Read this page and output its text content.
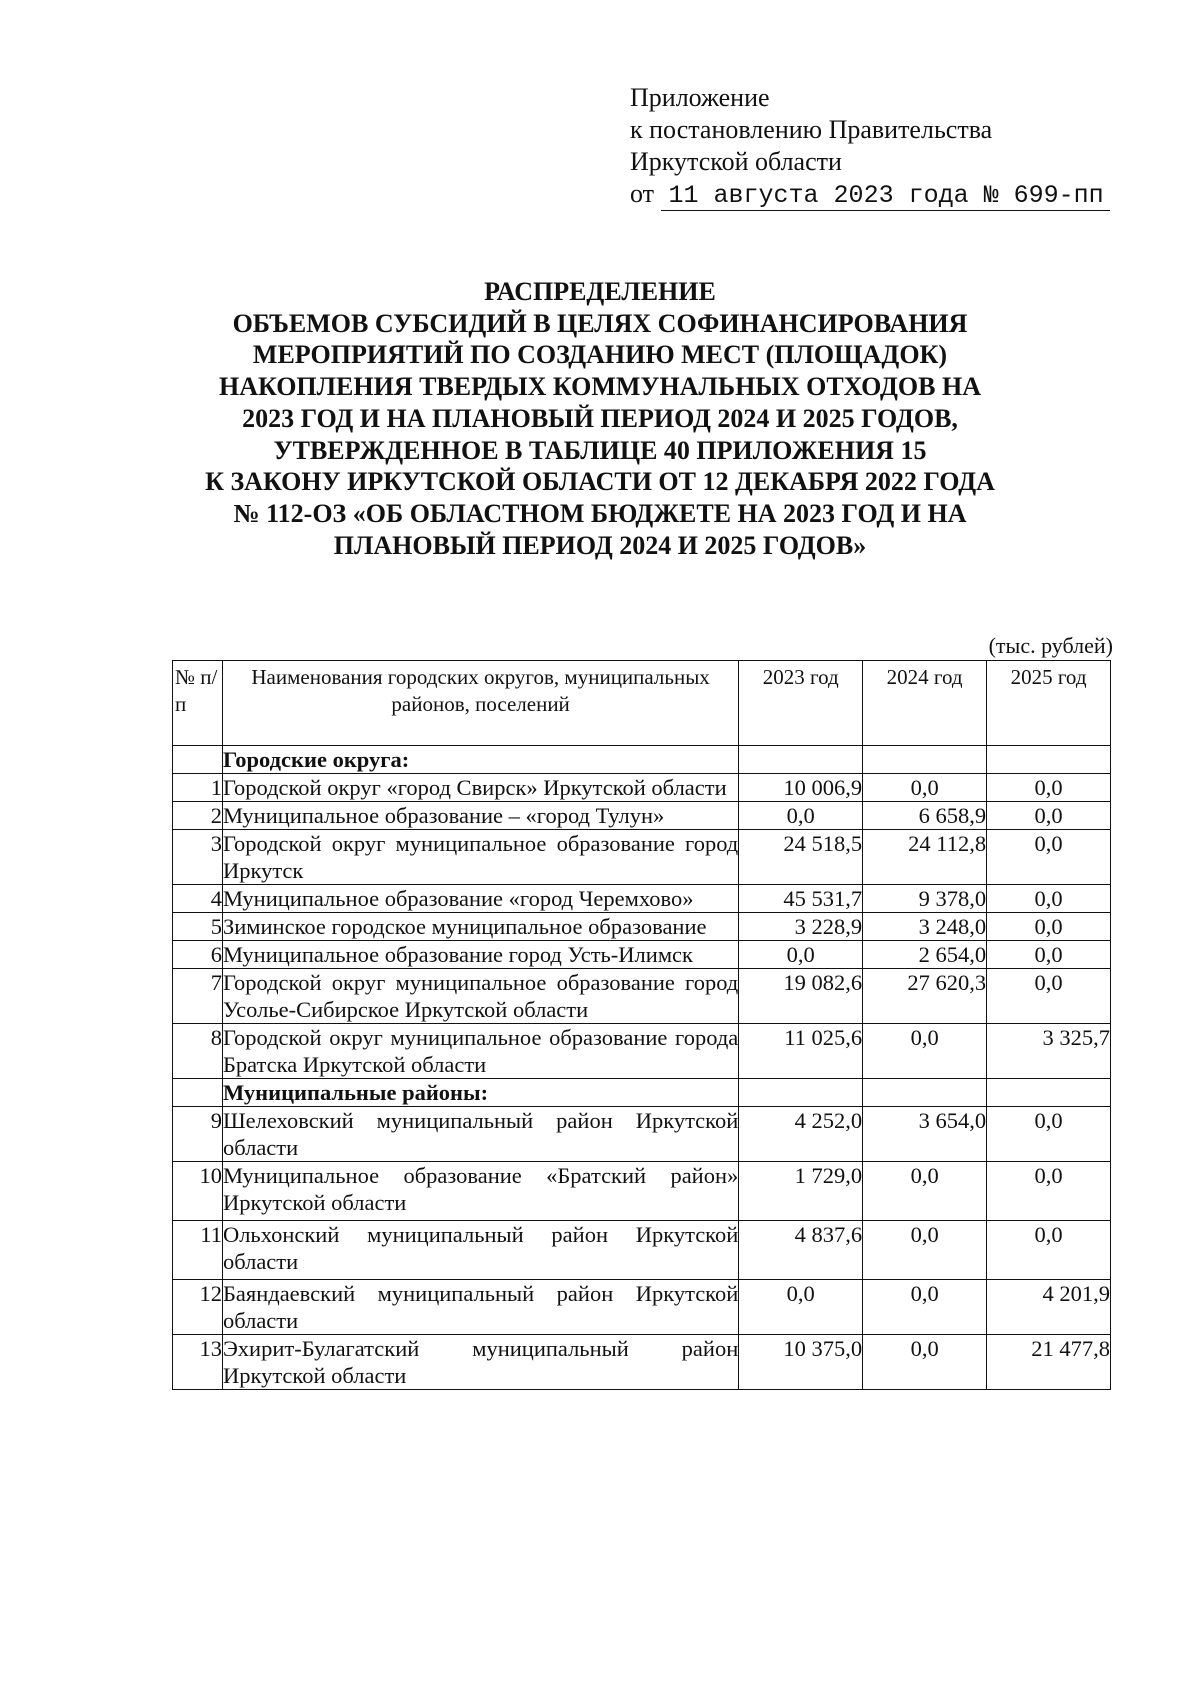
Приложение
к постановлению Правительства
Иркутской области
от 11 августа 2023 года № 699-пп
РАСПРЕДЕЛЕНИЕ
ОБЪЕМОВ СУБСИДИЙ В ЦЕЛЯХ СОФИНАНСИРОВАНИЯ
МЕРОПРИЯТИЙ ПО СОЗДАНИЮ МЕСТ (ПЛОЩАДОК)
НАКОПЛЕНИЯ ТВЕРДЫХ КОММУНАЛЬНЫХ ОТХОДОВ НА
2023 ГОД И НА ПЛАНОВЫЙ ПЕРИОД 2024 И 2025 ГОДОВ,
УТВЕРЖДЕННОЕ В ТАБЛИЦЕ 40 ПРИЛОЖЕНИЯ 15
К ЗАКОНУ ИРКУТСКОЙ ОБЛАСТИ ОТ 12 ДЕКАБРЯ 2022 ГОДА
№ 112-ОЗ «ОБ ОБЛАСТНОМ БЮДЖЕТЕ НА 2023 ГОД И НА
ПЛАНОВЫЙ ПЕРИОД 2024 И 2025 ГОДОВ»
(тыс. рублей)
№ п/п	Наименования городских округов, муниципальных районов, поселений	2023 год	2024 год	2025 год
	Городские округа:			
1	Городской округ «город Свирск» Иркутской области	10 006,9	0,0	0,0
2	Муниципальное образование – «город Тулун»	0,0	6 658,9	0,0
3	Городской округ муниципальное образование город Иркутск	24 518,5	24 112,8	0,0
4	Муниципальное образование «город Черемхово»	45 531,7	9 378,0	0,0
5	Зиминское городское муниципальное образование	3 228,9	3 248,0	0,0
6	Муниципальное образование город Усть-Илимск	0,0	2 654,0	0,0
7	Городской округ муниципальное образование город Усолье-Сибирское Иркутской области	19 082,6	27 620,3	0,0
8	Городской округ муниципальное образование города Братска Иркутской области	11 025,6	0,0	3 325,7
	Муниципальные районы:			
9	Шелеховский муниципальный район Иркутской области	4 252,0	3 654,0	0,0
10	Муниципальное образование «Братский район» Иркутской области	1 729,0	0,0	0,0
11	Ольхонский муниципальный район Иркутской области	4 837,6	0,0	0,0
12	Баяндаевский муниципальный район Иркутской области	0,0	0,0	4 201,9
13	Эхирит-Булагатский муниципальный район Иркутской области	10 375,0	0,0	21 477,8
